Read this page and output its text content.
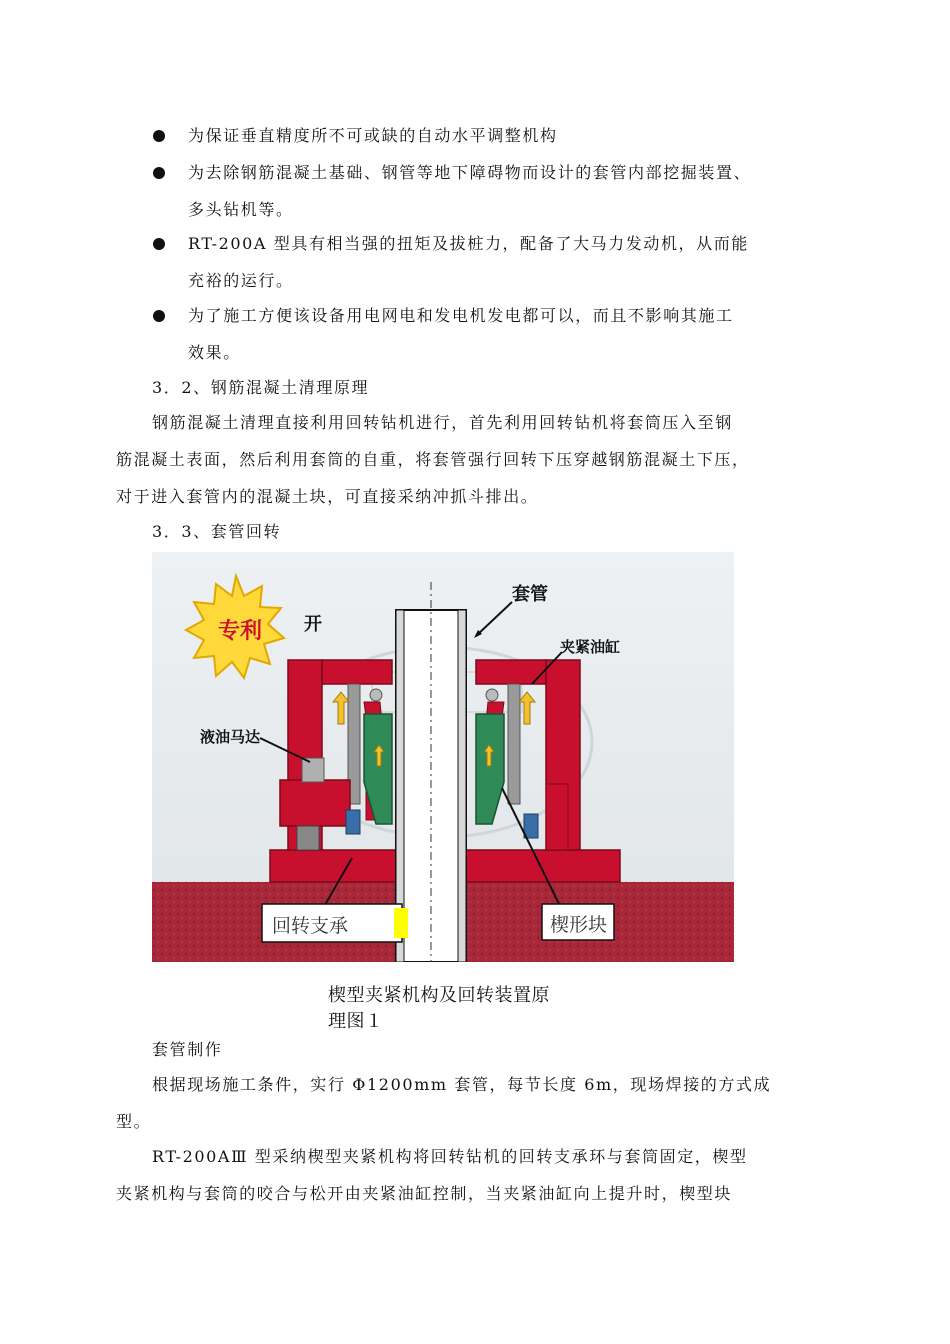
为保证垂直精度所不可或缺的自动水平调整机构
为去除钢筋混凝土基础、钢管等地下障碍物而设计的套管内部挖掘装置、
多头钻机等。
RT-200A 型具有相当强的扭矩及拔桩力，配备了大马力发动机，从而能
充裕的运行。
为了施工方便该设备用电网电和发电机发电都可以，而且不影响其施工
效果。
3．2、钢筋混凝土清理原理
钢筋混凝土清理直接利用回转钻机进行，首先利用回转钻机将套筒压入至钢
筋混凝土表面，然后利用套筒的自重，将套管强行回转下压穿越钢筋混凝土下压，
对于进入套管内的混凝土块，可直接采纳冲抓斗排出。
3．3、套管回转
专利 开
套管
夹紧油缸
液油马达
回转支承	楔形块
楔型夹紧机构及回转装置原
理图１
套管制作
根据现场施工条件，实行 Φ1200mm 套管，每节长度 6m，现场焊接的方式成
型。
RT-200AⅢ 型采纳楔型夹紧机构将回转钻机的回转支承环与套筒固定，楔型
夹紧机构与套筒的咬合与松开由夹紧油缸控制，当夹紧油缸向上提升时，楔型块
